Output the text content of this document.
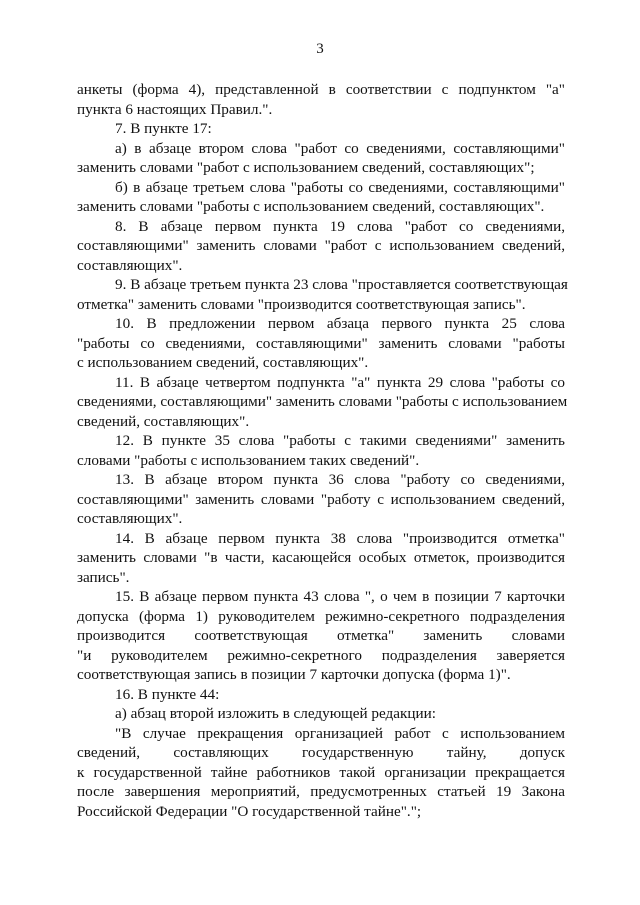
3
анкеты (форма 4), представленной в соответствии с подпунктом "а"
пункта 6 настоящих Правил.".
7. В пункте 17:
а) в абзаце втором слова "работ со сведениями, составляющими"
заменить словами "работ с использованием сведений, составляющих";
б) в абзаце третьем слова "работы со сведениями, составляющими"
заменить словами "работы с использованием сведений, составляющих".
8. В абзаце первом пункта 19 слова "работ со сведениями,
составляющими" заменить словами "работ с использованием сведений,
составляющих".
9. В абзаце третьем пункта 23 слова "проставляется соответствующая
отметка" заменить словами "производится соответствующая запись".
10. В предложении первом абзаца первого пункта 25 слова
"работы со сведениями, составляющими" заменить словами "работы
с использованием сведений, составляющих".
11. В абзаце четвертом подпункта "а" пункта 29 слова "работы со
сведениями, составляющими" заменить словами "работы с использованием
сведений, составляющих".
12. В пункте 35 слова "работы с такими сведениями" заменить
словами "работы с использованием таких сведений".
13. В абзаце втором пункта 36 слова "работу со сведениями,
составляющими" заменить словами "работу с использованием сведений,
составляющих".
14. В абзаце первом пункта 38 слова "производится отметка"
заменить словами "в части, касающейся особых отметок, производится
запись".
15. В абзаце первом пункта 43 слова ", о чем в позиции 7 карточки
допуска (форма 1) руководителем режимно-секретного подразделения
производится соответствующая отметка" заменить словами
"и руководителем режимно-секретного подразделения заверяется
соответствующая запись в позиции 7 карточки допуска (форма 1)".
16. В пункте 44:
а) абзац второй изложить в следующей редакции:
"В случае прекращения организацией работ с использованием
сведений, составляющих государственную тайну, допуск
к государственной тайне работников такой организации прекращается
после завершения мероприятий, предусмотренных статьей 19 Закона
Российской Федерации "О государственной тайне".";
